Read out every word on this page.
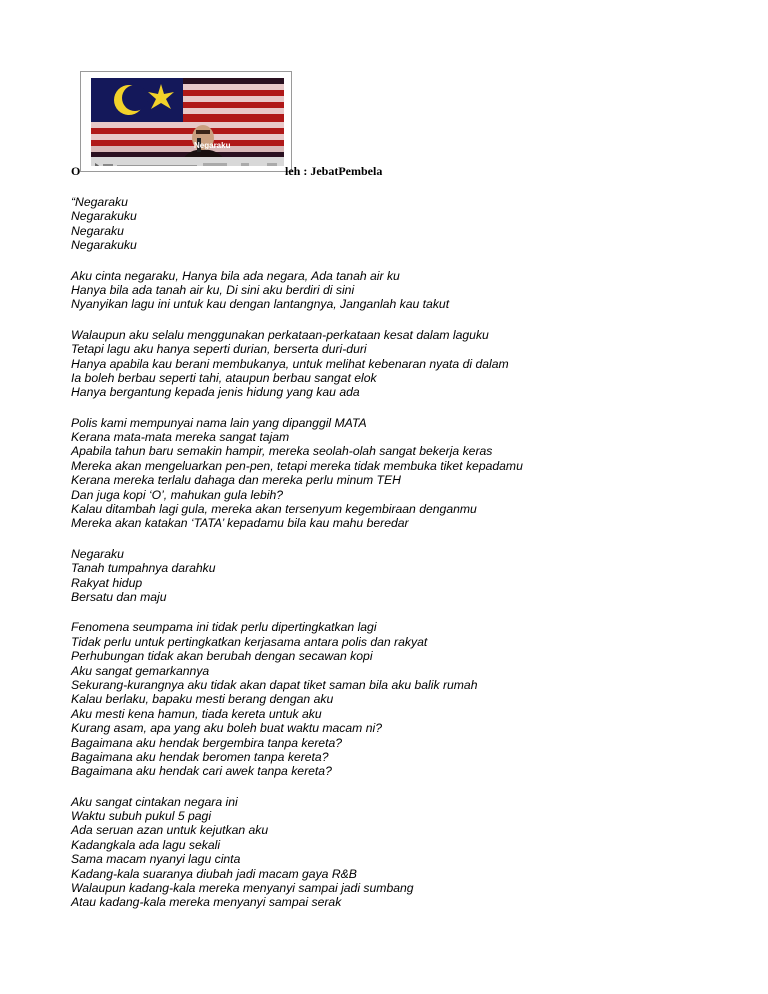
Negaraku
O	leh : JebatPembela
“Negaraku
Negarakuku
Negaraku
Negarakuku
Aku cinta negaraku, Hanya bila ada negara, Ada tanah air ku
Hanya bila ada tanah air ku, Di sini aku berdiri di sini
Nyanyikan lagu ini untuk kau dengan lantangnya, Janganlah kau takut
Walaupun aku selalu menggunakan perkataan-perkataan kesat dalam laguku
Tetapi lagu aku hanya seperti durian, berserta duri-duri
Hanya apabila kau berani membukanya, untuk melihat kebenaran nyata di dalam
Ia boleh berbau seperti tahi, ataupun berbau sangat elok
Hanya bergantung kepada jenis hidung yang kau ada
Polis kami mempunyai nama lain yang dipanggil MATA
Kerana mata-mata mereka sangat tajam
Apabila tahun baru semakin hampir, mereka seolah-olah sangat bekerja keras
Mereka akan mengeluarkan pen-pen, tetapi mereka tidak membuka tiket kepadamu
Kerana mereka terlalu dahaga dan mereka perlu minum TEH
Dan juga kopi ‘O’, mahukan gula lebih?
Kalau ditambah lagi gula, mereka akan tersenyum kegembiraan denganmu
Mereka akan katakan ‘TATA’ kepadamu bila kau mahu beredar
Negaraku
Tanah tumpahnya darahku
Rakyat hidup
Bersatu dan maju
Fenomena seumpama ini tidak perlu dipertingkatkan lagi
Tidak perlu untuk pertingkatkan kerjasama antara polis dan rakyat
Perhubungan tidak akan berubah dengan secawan kopi
Aku sangat gemarkannya
Sekurang-kurangnya aku tidak akan dapat tiket saman bila aku balik rumah
Kalau berlaku, bapaku mesti berang dengan aku
Aku mesti kena hamun, tiada kereta untuk aku
Kurang asam, apa yang aku boleh buat waktu macam ni?
Bagaimana aku hendak bergembira tanpa kereta?
Bagaimana aku hendak beromen tanpa kereta?
Bagaimana aku hendak cari awek tanpa kereta?
Aku sangat cintakan negara ini
Waktu subuh pukul 5 pagi
Ada seruan azan untuk kejutkan aku
Kadangkala ada lagu sekali
Sama macam nyanyi lagu cinta
Kadang-kala suaranya diubah jadi macam gaya R&B
Walaupun kadang-kala mereka menyanyi sampai jadi sumbang
Atau kadang-kala mereka menyanyi sampai serak
